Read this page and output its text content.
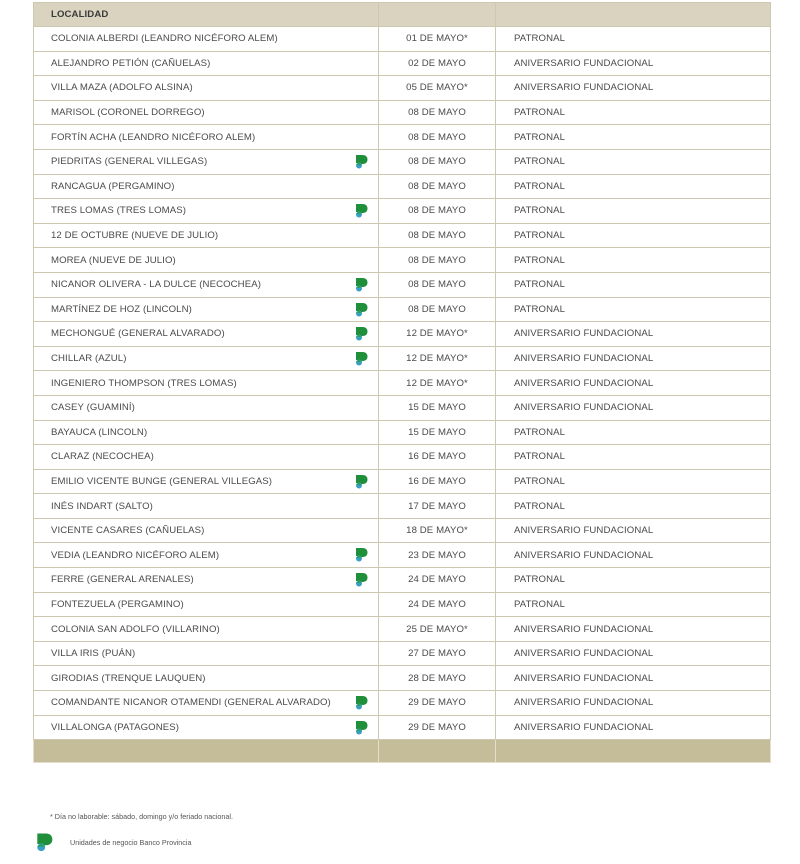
LOCALIDAD		
COLONIA ALBERDI (LEANDRO NICÉFORO ALEM)	01 DE MAYO*	PATRONAL
ALEJANDRO PETIÓN (CAÑUELAS)	02 DE MAYO	ANIVERSARIO FUNDACIONAL
VILLA MAZA (ADOLFO ALSINA)	05 DE MAYO*	ANIVERSARIO FUNDACIONAL
MARISOL (CORONEL DORREGO)	08 DE MAYO	PATRONAL
FORTÍN ACHA (LEANDRO NICÉFORO ALEM)	08 DE MAYO	PATRONAL
PIEDRITAS (GENERAL VILLEGAS)	08 DE MAYO	PATRONAL
RANCAGUA (PERGAMINO)	08 DE MAYO	PATRONAL
TRES LOMAS (TRES LOMAS)	08 DE MAYO	PATRONAL
12 DE OCTUBRE (NUEVE DE JULIO)	08 DE MAYO	PATRONAL
MOREA (NUEVE DE JULIO)	08 DE MAYO	PATRONAL
NICANOR OLIVERA - LA DULCE (NECOCHEA)	08 DE MAYO	PATRONAL
MARTÍNEZ DE HOZ (LINCOLN)	08 DE MAYO	PATRONAL
MECHONGUÉ (GENERAL ALVARADO)	12 DE MAYO*	ANIVERSARIO FUNDACIONAL
CHILLAR (AZUL)	12 DE MAYO*	ANIVERSARIO FUNDACIONAL
INGENIERO THOMPSON (TRES LOMAS)	12 DE MAYO*	ANIVERSARIO FUNDACIONAL
CASEY (GUAMINÍ)	15 DE MAYO	ANIVERSARIO FUNDACIONAL
BAYAUCA (LINCOLN)	15 DE MAYO	PATRONAL
CLARAZ (NECOCHEA)	16 DE MAYO	PATRONAL
EMILIO VICENTE BUNGE (GENERAL VILLEGAS)	16 DE MAYO	PATRONAL
INÉS INDART (SALTO)	17 DE MAYO	PATRONAL
VICENTE CASARES (CAÑUELAS)	18 DE MAYO*	ANIVERSARIO FUNDACIONAL
VEDIA (LEANDRO NICÉFORO ALEM)	23 DE MAYO	ANIVERSARIO FUNDACIONAL
FERRE (GENERAL ARENALES)	24 DE MAYO	PATRONAL
FONTEZUELA (PERGAMINO)	24 DE MAYO	PATRONAL
COLONIA SAN ADOLFO (VILLARINO)	25 DE MAYO*	ANIVERSARIO FUNDACIONAL
VILLA IRIS (PUÁN)	27 DE MAYO	ANIVERSARIO FUNDACIONAL
GIRODIAS (TRENQUE LAUQUEN)	28 DE MAYO	ANIVERSARIO FUNDACIONAL
COMANDANTE NICANOR OTAMENDI (GENERAL ALVARADO)	29 DE MAYO	ANIVERSARIO FUNDACIONAL
VILLALONGA (PATAGONES)	29 DE MAYO	ANIVERSARIO FUNDACIONAL

* Día no laborable: sábado, domingo y/o feriado nacional.
Unidades de negocio Banco Provincia
